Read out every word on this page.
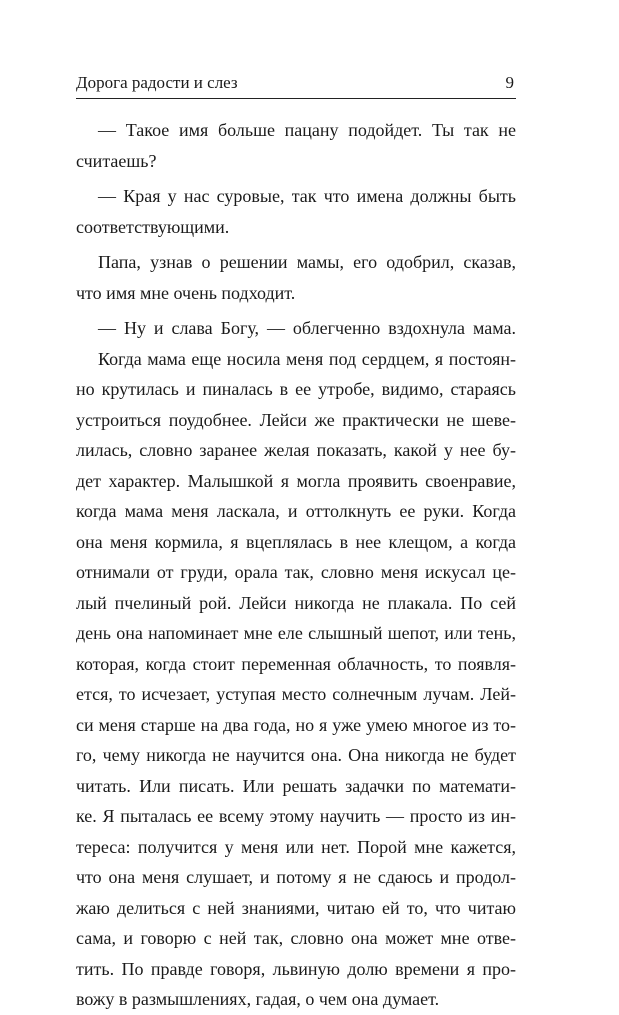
Дорога радости и слез	9
— Такое имя больше пацану подойдет. Ты так не
считаешь?
— Края у нас суровые, так что имена должны быть
соответствующими.
Папа, узнав о решении мамы, его одобрил, сказав,
что имя мне очень подходит.
— Ну и слава Богу, — облегченно вздохнула мама.
Когда мама еще носила меня под сердцем, я постоян-
но крутилась и пиналась в ее утробе, видимо, стараясь
устроиться поудобнее. Лейси же практически не шеве-
лилась, словно заранее желая показать, какой у нее бу-
дет характер. Малышкой я могла проявить своенравие,
когда мама меня ласкала, и оттолкнуть ее руки. Когда
она меня кормила, я вцеплялась в нее клещом, а когда
отнимали от груди, орала так, словно меня искусал це-
лый пчелиный рой. Лейси никогда не плакала. По сей
день она напоминает мне еле слышный шепот, или тень,
которая, когда стоит переменная облачность, то появля-
ется, то исчезает, уступая место солнечным лучам. Лей-
си меня старше на два года, но я уже умею многое из то-
го, чему никогда не научится она. Она никогда не будет
читать. Или писать. Или решать задачки по математи-
ке. Я пыталась ее всему этому научить — просто из ин-
тереса: получится у меня или нет. Порой мне кажется,
что она меня слушает, и потому я не сдаюсь и продол-
жаю делиться с ней знаниями, читаю ей то, что читаю
сама, и говорю с ней так, словно она может мне отве-
тить. По правде говоря, львиную долю времени я про-
вожу в размышлениях, гадая, о чем она думает.
